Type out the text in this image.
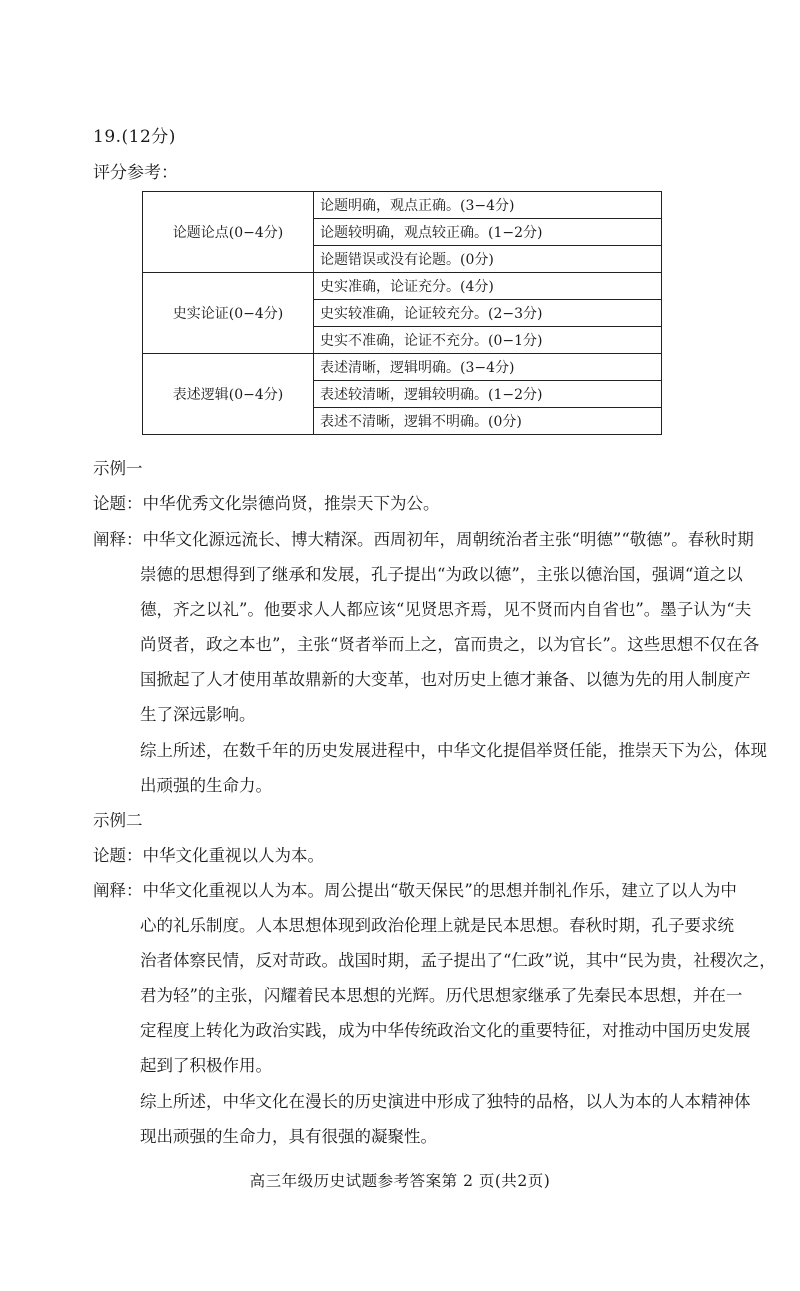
19.(12分)
评分参考：
论题论点(0−4分)	论题明确，观点正确。(3−4分)
	论题较明确，观点较正确。(1−2分)
	论题错误或没有论题。(0分)
史实论证(0−4分)	史实准确，论证充分。(4分)
	史实较准确，论证较充分。(2−3分)
	史实不准确，论证不充分。(0−1分)
表述逻辑(0−4分)	表述清晰，逻辑明确。(3−4分)
	表述较清晰，逻辑较明确。(1−2分)
	表述不清晰，逻辑不明确。(0分)
示例一
论题：中华优秀文化崇德尚贤，推崇天下为公。
阐释：中华文化源远流长、博大精深。西周初年，周朝统治者主张“明德”“敬德”。春秋时期
崇德的思想得到了继承和发展，孔子提出“为政以德”，主张以德治国，强调“道之以
德，齐之以礼”。他要求人人都应该“见贤思齐焉，见不贤而内自省也”。墨子认为“夫
尚贤者，政之本也”，主张“贤者举而上之，富而贵之，以为官长”。这些思想不仅在各
国掀起了人才使用革故鼎新的大变革，也对历史上德才兼备、以德为先的用人制度产
生了深远影响。
综上所述，在数千年的历史发展进程中，中华文化提倡举贤任能，推崇天下为公，体现
出顽强的生命力。
示例二
论题：中华文化重视以人为本。
阐释：中华文化重视以人为本。周公提出“敬天保民”的思想并制礼作乐，建立了以人为中
心的礼乐制度。人本思想体现到政治伦理上就是民本思想。春秋时期，孔子要求统
治者体察民情，反对苛政。战国时期，孟子提出了“仁政”说，其中“民为贵，社稷次之，
君为轻”的主张，闪耀着民本思想的光辉。历代思想家继承了先秦民本思想，并在一
定程度上转化为政治实践，成为中华传统政治文化的重要特征，对推动中国历史发展
起到了积极作用。
综上所述，中华文化在漫长的历史演进中形成了独特的品格，以人为本的人本精神体
现出顽强的生命力，具有很强的凝聚性。
高三年级历史试题参考答案第 2 页(共2页)
